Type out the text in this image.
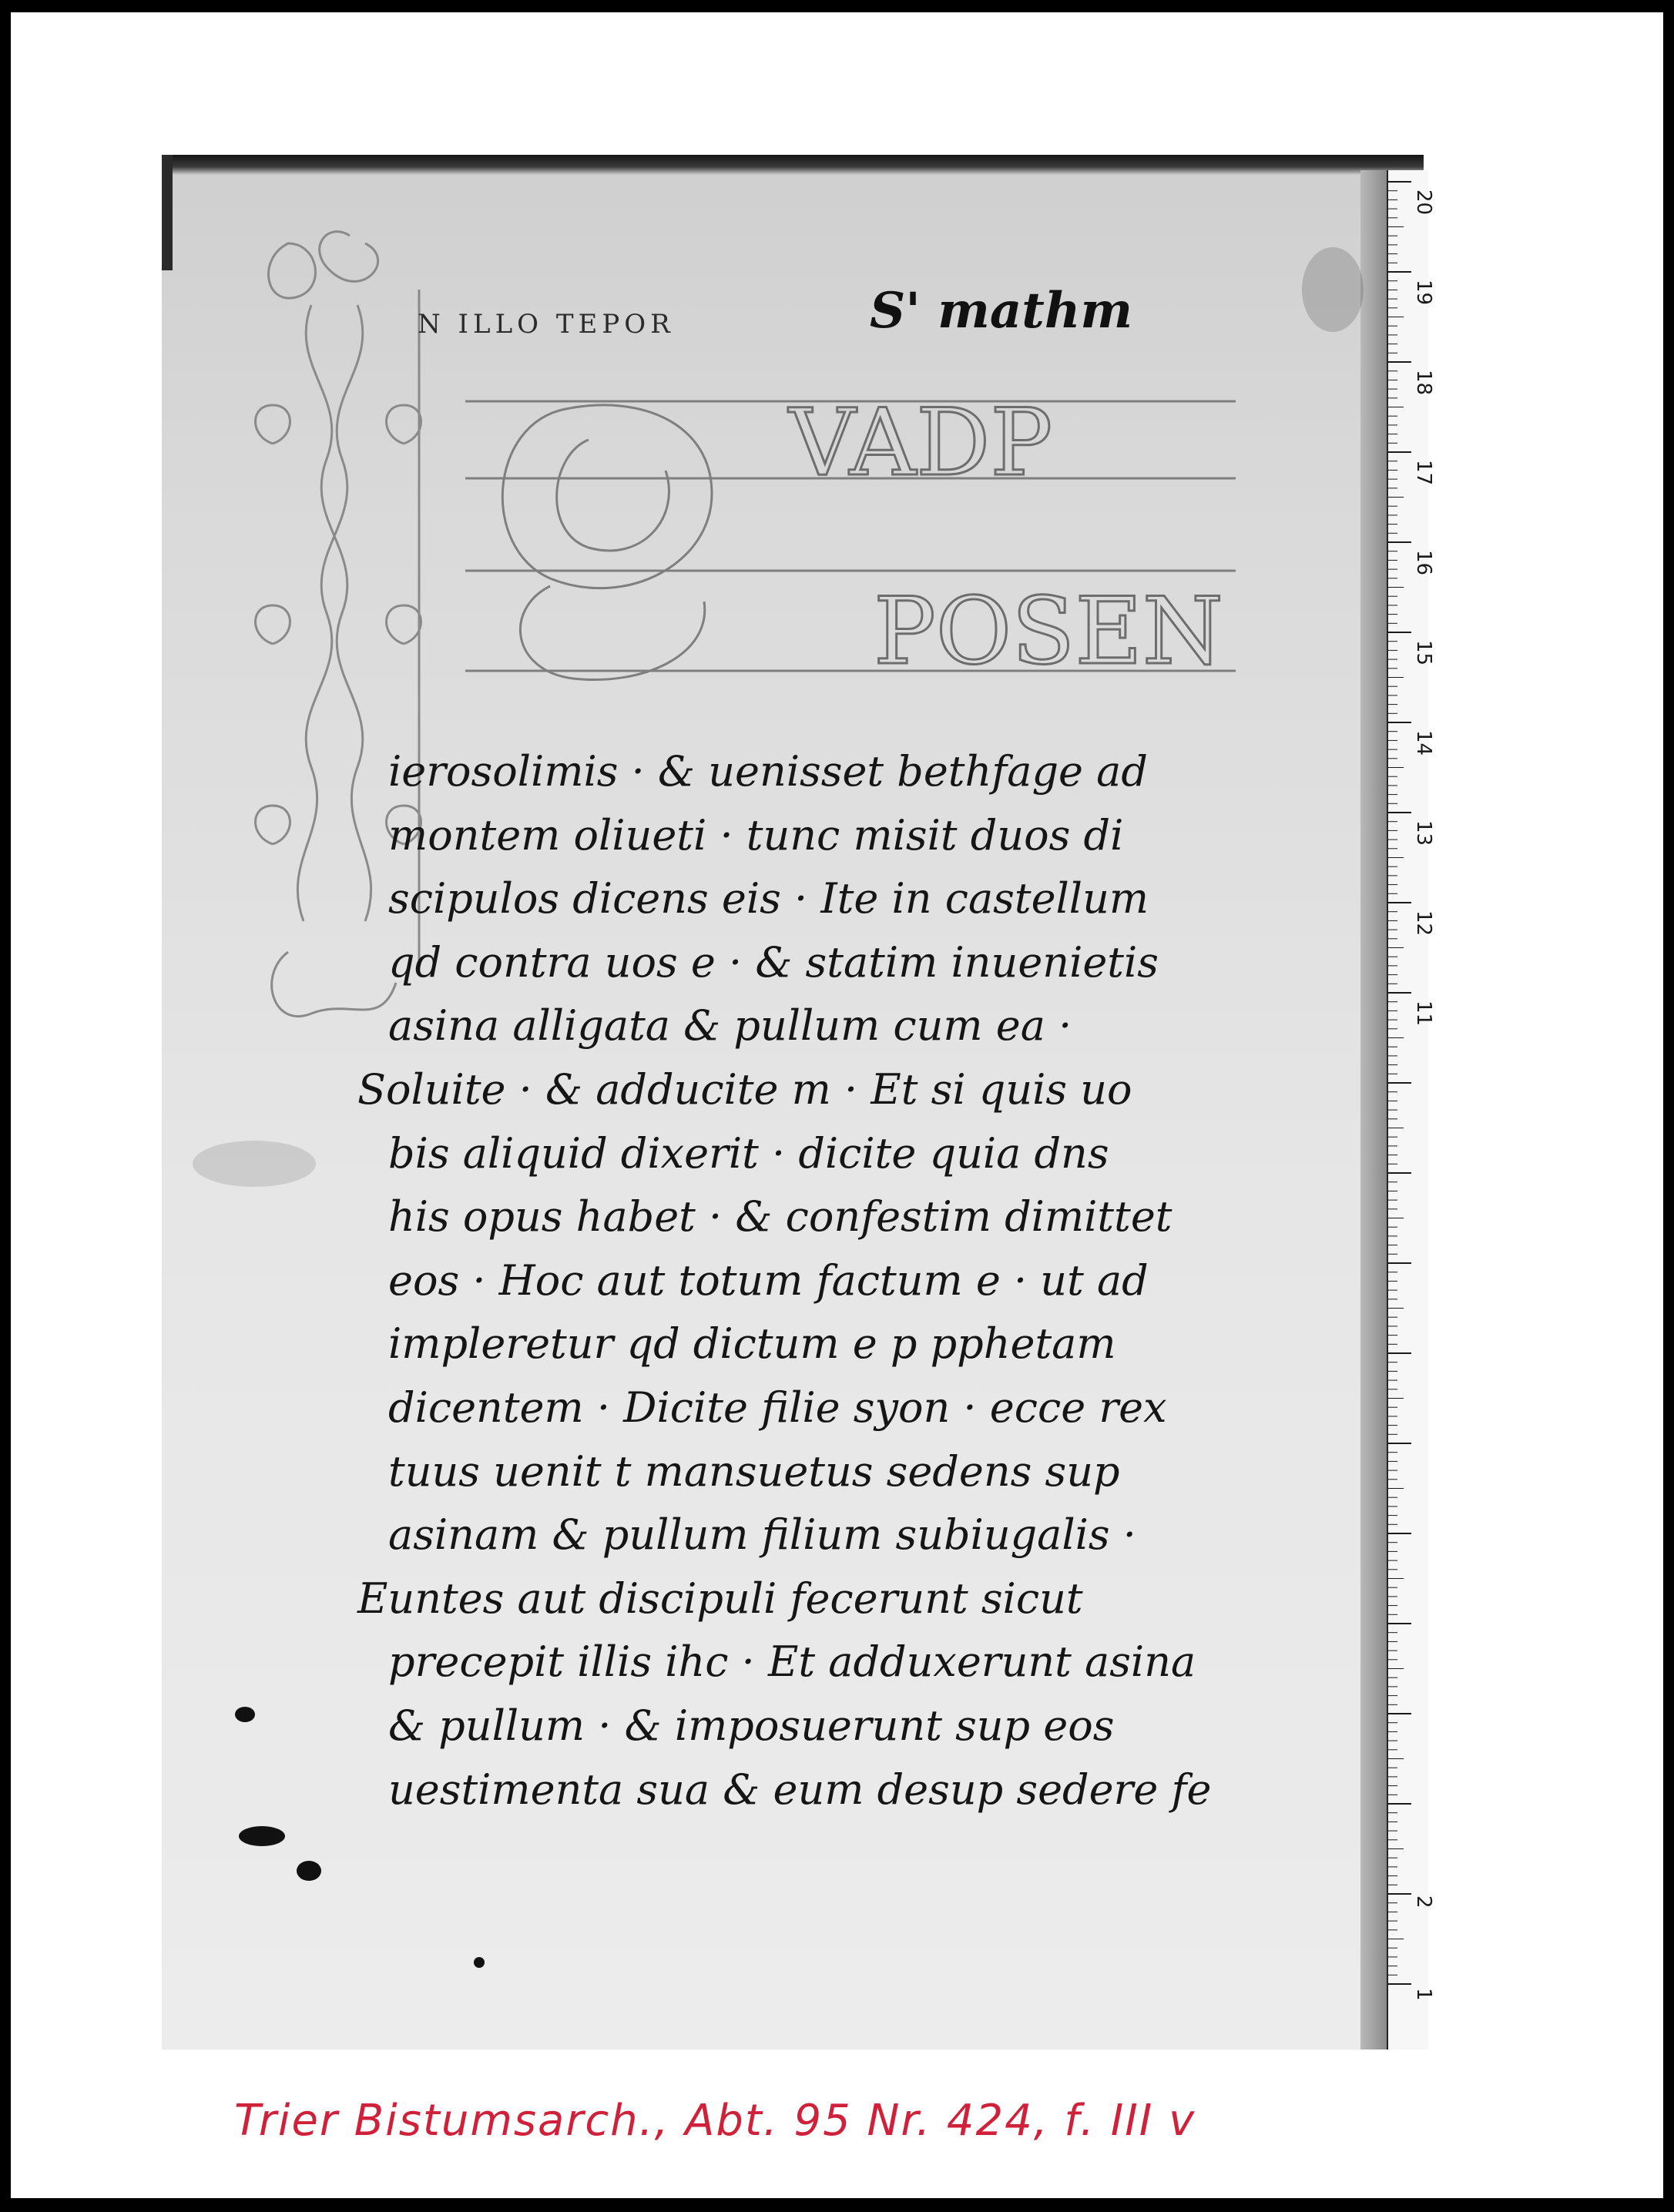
20
19
18
17
16
15
14
13
12
11
2
1
VADP
POSEN
N ILLO TEPOR	S' mathm
ierosolimis · & uenisset bethfage ad
montem oliueti · tunc misit duos di
scipulos dicens eis · Ite in castellum
qd contra uos e · & statim inuenietis
asina alligata & pullum cum ea ·
Soluite · & adducite m · Et si quis uo
bis aliquid dixerit · dicite quia dns
his opus habet · & confestim dimittet
eos · Hoc aut totum factum e · ut ad
impleretur qd dictum e p pphetam
dicentem · Dicite filie syon · ecce rex
tuus uenit t mansuetus sedens sup
asinam & pullum filium subiugalis ·
Euntes aut discipuli fecerunt sicut
precepit illis ihc · Et adduxerunt asina
& pullum · & imposuerunt sup eos
uestimenta sua & eum desup sedere fe
Trier Bistumsarch., Abt. 95 Nr. 424, f. III v
